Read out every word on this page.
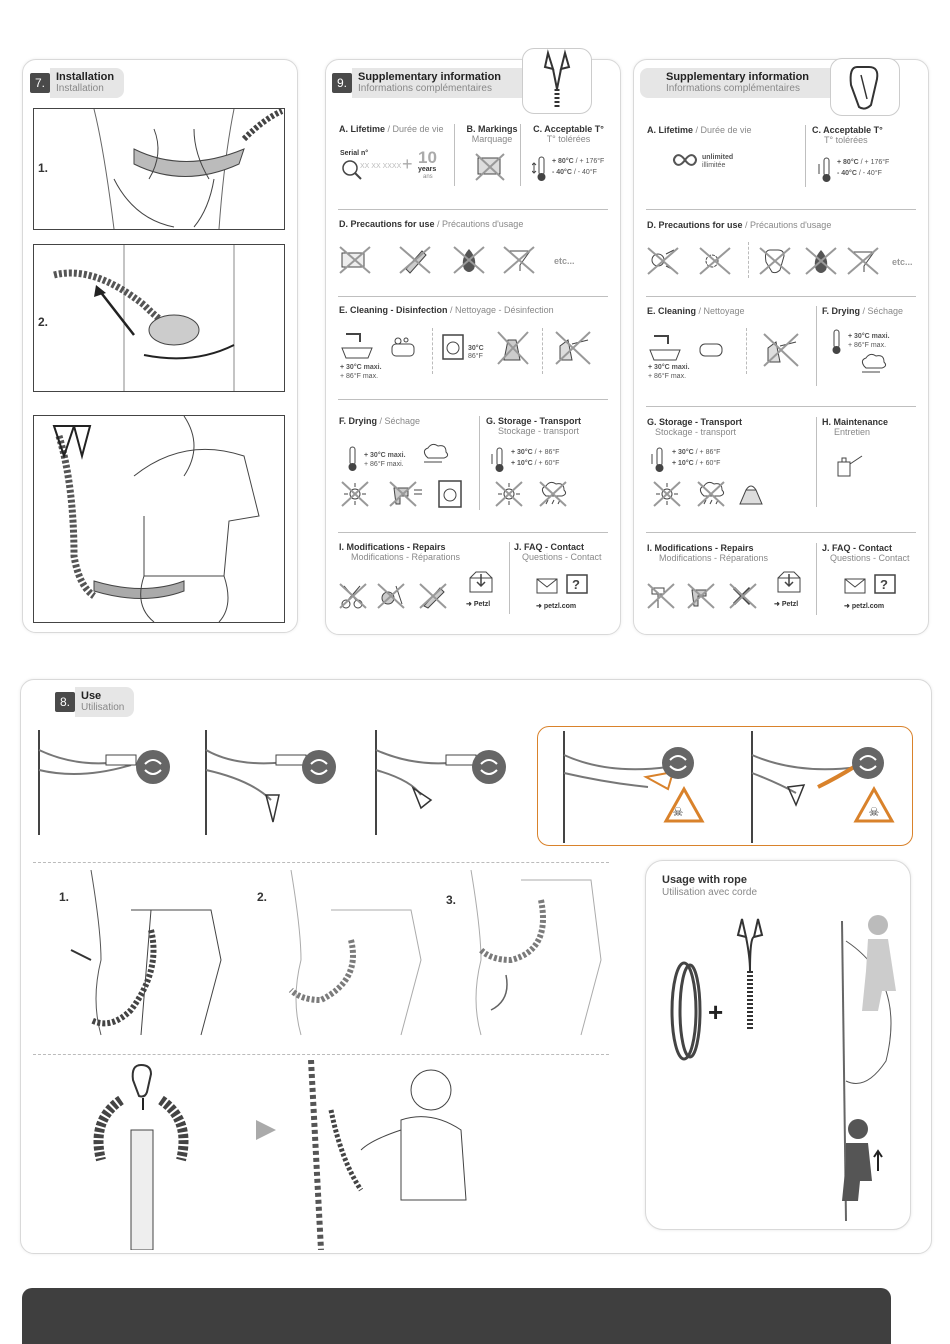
7.	Installation
Installation
1.
2.
9.	Supplementary information
Informations complémentaires
A. Lifetime / Durée de vie
Serial n°
XX XX XXXX + 10
years
ans
B. Markings
Marquage
C. Acceptable T°
T° tolérées
+ 80°C / + 176°F
- 40°C / - 40°F
D. Precautions for use / Précautions d'usage
etc...
E. Cleaning - Disinfection / Nettoyage - Désinfection
+ 30°C maxi.
+ 86°F max.
30°C
86°F
F. Drying / Séchage
+ 30°C maxi.
+ 86°F maxi.
G. Storage - Transport
Stockage - transport
+ 30°C / + 86°F
+ 10°C / + 60°F
I. Modifications - Repairs
Modifications - Réparations
➜ Petzl
J. FAQ - Contact
Questions - Contact
?
➜ petzl.com
Supplementary information
Informations complémentaires
A. Lifetime / Durée de vie
unlimited
illimitée
C. Acceptable T°
T° tolérées
+ 80°C / + 176°F
- 40°C / - 40°F
D. Precautions for use / Précautions d'usage
etc...
E. Cleaning / Nettoyage
+ 30°C maxi.
+ 86°F max.
F. Drying / Séchage
+ 30°C maxi.
+ 86°F max.
G. Storage - Transport
Stockage - transport
+ 30°C / + 86°F
+ 10°C / + 60°F
H. Maintenance
Entretien
I. Modifications - Repairs
Modifications - Réparations
➜ Petzl
J. FAQ - Contact
Questions - Contact
?
➜ petzl.com
8.	Use
Utilisation
☠	☠
1.	2.	3.
Usage with rope
Utilisation avec corde
+
